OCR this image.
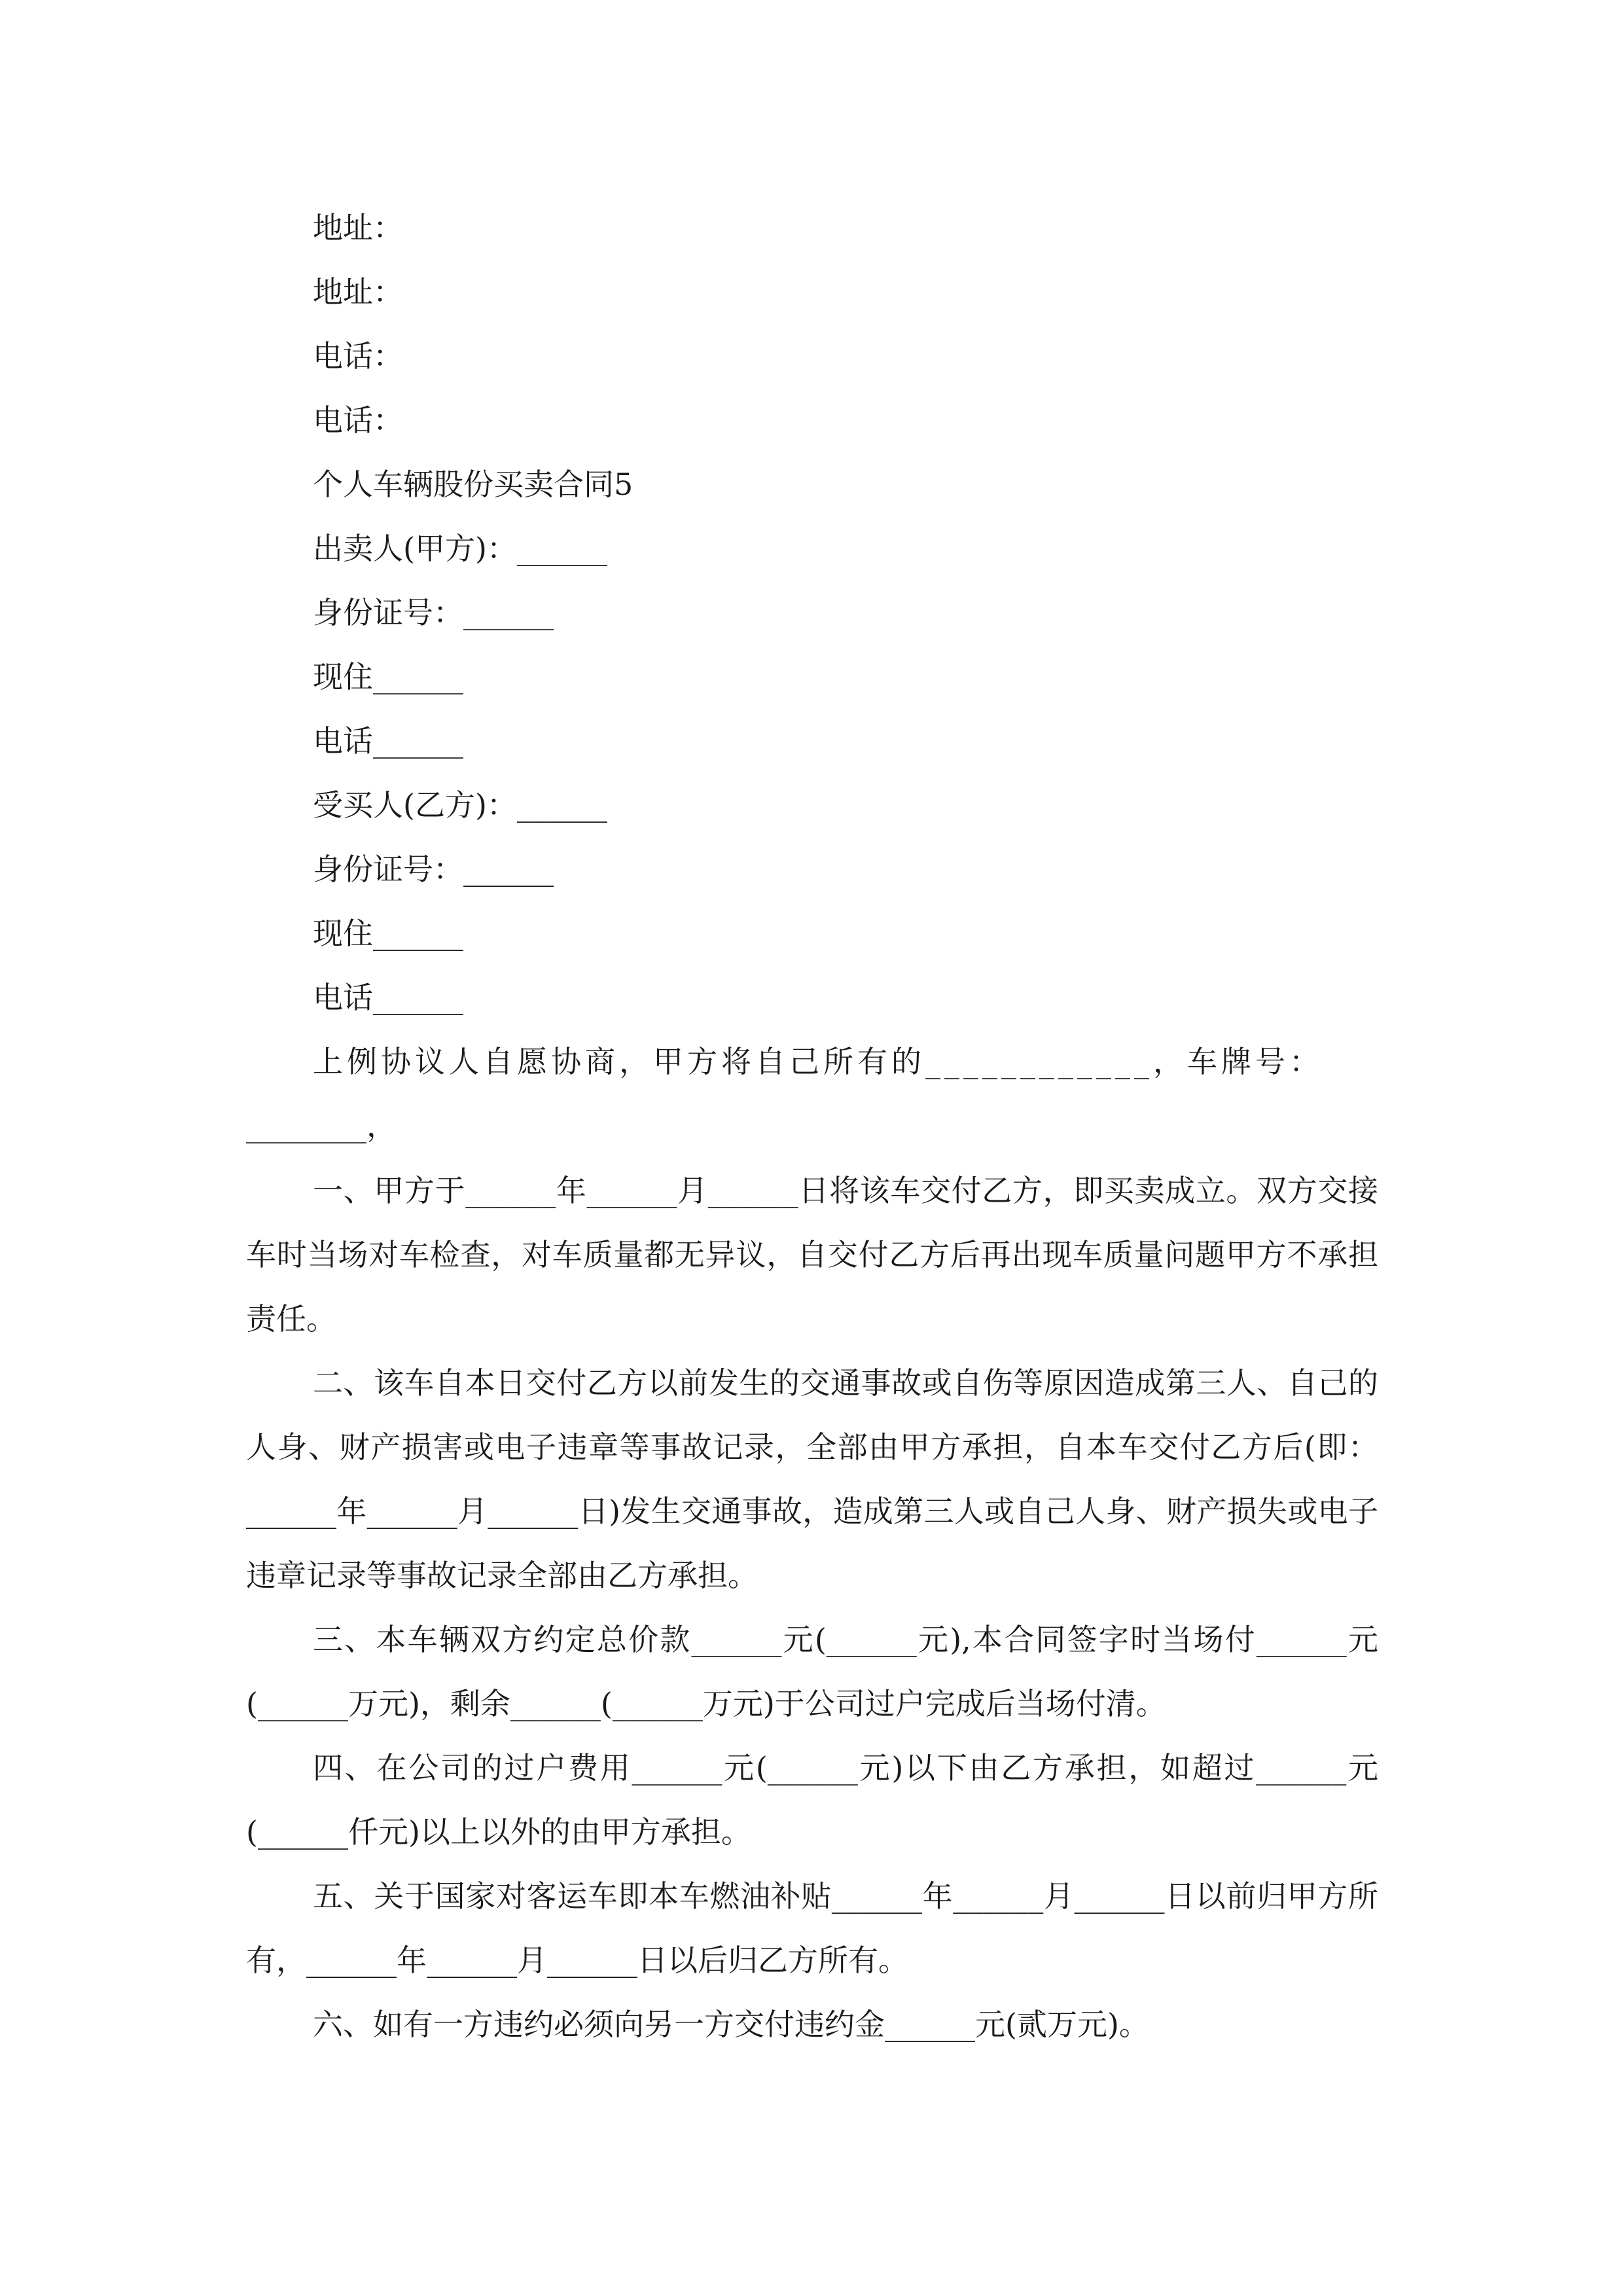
地址：
地址：
电话：
电话：
个人车辆股份买卖合同5
出卖人(甲方)：______
身份证号：______
现住______
电话______
受买人(乙方)：______
身份证号：______
现住______
电话______
上例协议人自愿协商，甲方将自己所有的____________，车牌号：
________，
一、甲方于______年______月______日将该车交付乙方，即买卖成立。双方交接车时当场对车检查，对车质量都无异议，自交付乙方后再出现车质量问题甲方不承担责任。
二、该车自本日交付乙方以前发生的交通事故或自伤等原因造成第三人、自己的人身、财产损害或电子违章等事故记录，全部由甲方承担，自本车交付乙方后(即：______年______月______日)发生交通事故，造成第三人或自己人身、财产损失或电子违章记录等事故记录全部由乙方承担。
三、本车辆双方约定总价款______元(______元),本合同签字时当场付______元(______万元)，剩余______(______万元)于公司过户完成后当场付清。
四、在公司的过户费用______元(______元)以下由乙方承担，如超过______元(______仟元)以上以外的由甲方承担。
五、关于国家对客运车即本车燃油补贴______年______月______日以前归甲方所有，______年______月______日以后归乙方所有。
六、如有一方违约必须向另一方交付违约金______元(贰万元)。
